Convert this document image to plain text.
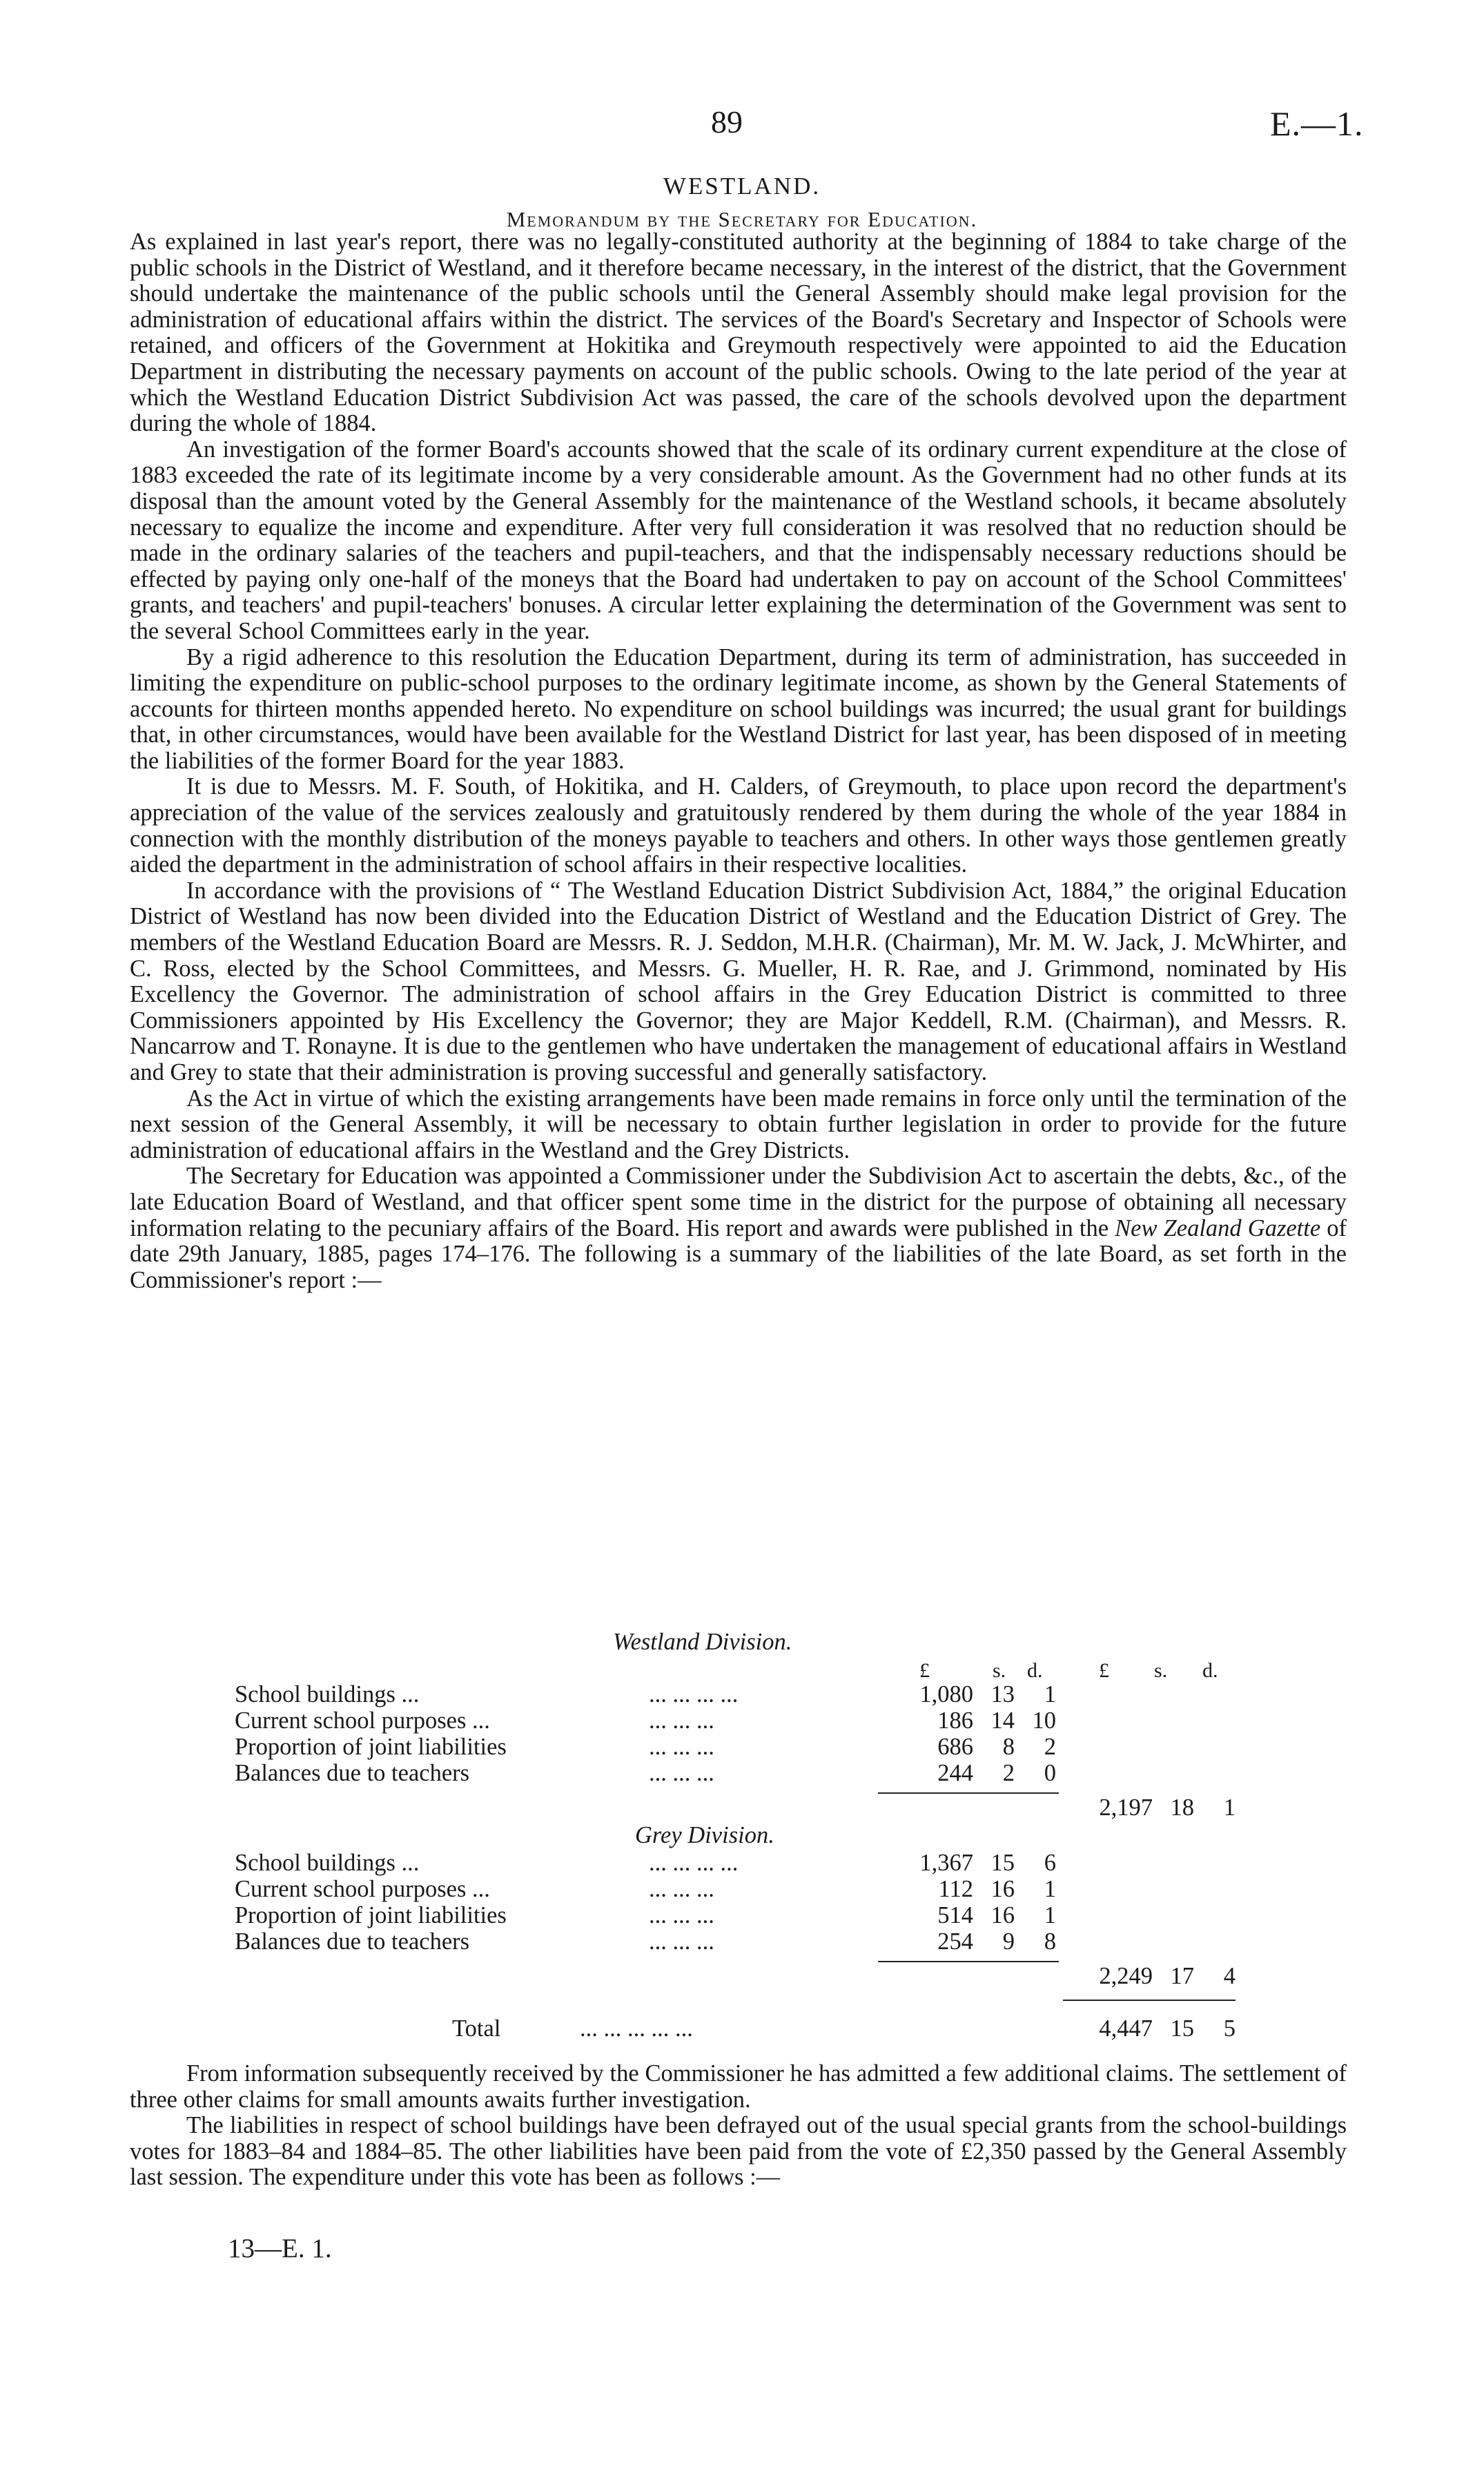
89	E.—1.
WESTLAND.
Memorandum by the Secretary for Education.

As explained in last year's report, there was no legally-constituted authority at the beginning of 1884 to take charge of the public schools in the District of Westland, and it therefore became necessary, in the interest of the district, that the Government should undertake the maintenance of the public schools until the General Assembly should make legal provision for the administration of educational affairs within the district. The services of the Board's Secretary and Inspector of Schools were retained, and officers of the Government at Hokitika and Greymouth respectively were appointed to aid the Education Department in distributing the necessary payments on account of the public schools. Owing to the late period of the year at which the Westland Education District Subdivision Act was passed, the care of the schools devolved upon the department during the whole of 1884.

An investigation of the former Board's accounts showed that the scale of its ordinary current expenditure at the close of 1883 exceeded the rate of its legitimate income by a very considerable amount. As the Government had no other funds at its disposal than the amount voted by the General Assembly for the maintenance of the Westland schools, it became absolutely necessary to equalize the income and expenditure. After very full consideration it was resolved that no reduction should be made in the ordinary salaries of the teachers and pupil-teachers, and that the indispensably necessary reductions should be effected by paying only one-half of the moneys that the Board had undertaken to pay on account of the School Committees' grants, and teachers' and pupil-teachers' bonuses. A circular letter explaining the determination of the Government was sent to the several School Committees early in the year.

By a rigid adherence to this resolution the Education Department, during its term of administration, has succeeded in limiting the expenditure on public-school purposes to the ordinary legitimate income, as shown by the General Statements of accounts for thirteen months appended hereto. No expenditure on school buildings was incurred; the usual grant for buildings that, in other circumstances, would have been available for the Westland District for last year, has been disposed of in meeting the liabilities of the former Board for the year 1883.

It is due to Messrs. M. F. South, of Hokitika, and H. Calders, of Greymouth, to place upon record the department's appreciation of the value of the services zealously and gratuitously rendered by them during the whole of the year 1884 in connection with the monthly distribution of the moneys payable to teachers and others. In other ways those gentlemen greatly aided the department in the administration of school affairs in their respective localities.

In accordance with the provisions of “ The Westland Education District Subdivision Act, 1884,” the original Education District of Westland has now been divided into the Education District of Westland and the Education District of Grey. The members of the Westland Education Board are Messrs. R. J. Seddon, M.H.R. (Chairman), Mr. M. W. Jack, J. McWhirter, and C. Ross, elected by the School Committees, and Messrs. G. Mueller, H. R. Rae, and J. Grimmond, nominated by His Excellency the Governor. The administration of school affairs in the Grey Education District is committed to three Commissioners appointed by His Excellency the Governor; they are Major Keddell, R.M. (Chairman), and Messrs. R. Nancarrow and T. Ronayne. It is due to the gentlemen who have undertaken the management of educational affairs in Westland and Grey to state that their administration is proving successful and generally satisfactory.

As the Act in virtue of which the existing arrangements have been made remains in force only until the termination of the next session of the General Assembly, it will be necessary to obtain further legislation in order to provide for the future administration of educational affairs in the Westland and the Grey Districts.

The Secretary for Education was appointed a Commissioner under the Subdivision Act to ascertain the debts, &c., of the late Education Board of Westland, and that officer spent some time in the district for the purpose of obtaining all necessary information relating to the pecuniary affairs of the Board. His report and awards were published in the New Zealand Gazette of date 29th January, 1885, pages 174–176. The following is a summary of the liabilities of the late Board, as set forth in the Commissioner's report :—

Westland Division.
£	s. d.	£ s. d.
School buildings ...	... ... ... ...	1,080 13	1
Current school purposes ...	... ... ...	186 14 10
Proportion of joint liabilities	... ... ...	686	8	2
Balances due to teachers	... ... ...	244	2	0
2,197 18	1
Grey Division.
School buildings ...	... ... ... ...	1,367 15	6
Current school purposes ...	... ... ...	112 16	1
Proportion of joint liabilities	... ... ...	514 16	1
Balances due to teachers	... ... ...	254	9	8
2,249 17	4
Total	... ... ... ... ...	4,447 15	5

From information subsequently received by the Commissioner he has admitted a few additional claims. The settlement of three other claims for small amounts awaits further investigation.

The liabilities in respect of school buildings have been defrayed out of the usual special grants from the school-buildings votes for 1883–84 and 1884–85. The other liabilities have been paid from the vote of £2,350 passed by the General Assembly last session. The expenditure under this vote has been as follows :—

13—E. 1.
